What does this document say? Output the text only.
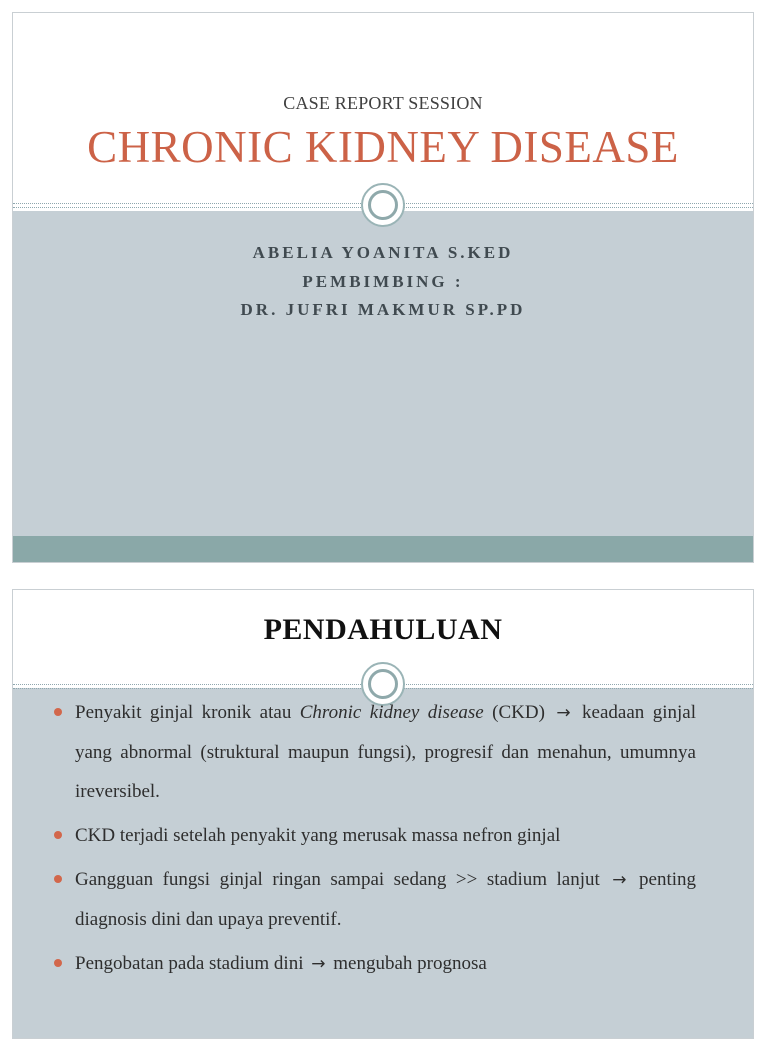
CASE REPORT SESSION
CHRONIC KIDNEY DISEASE
ABELIA YOANITA S.KED
PEMBIMBING :
DR. JUFRI MAKMUR SP.PD
PENDAHULUAN
Penyakit ginjal kronik atau Chronic kidney disease (CKD) → keadaan ginjal yang abnormal (struktural maupun fungsi), progresif dan menahun, umumnya ireversibel.
CKD terjadi setelah penyakit yang merusak massa nefron ginjal
Gangguan fungsi ginjal ringan sampai sedang >> stadium lanjut → penting diagnosis dini dan upaya preventif.
Pengobatan pada stadium dini → mengubah prognosa
